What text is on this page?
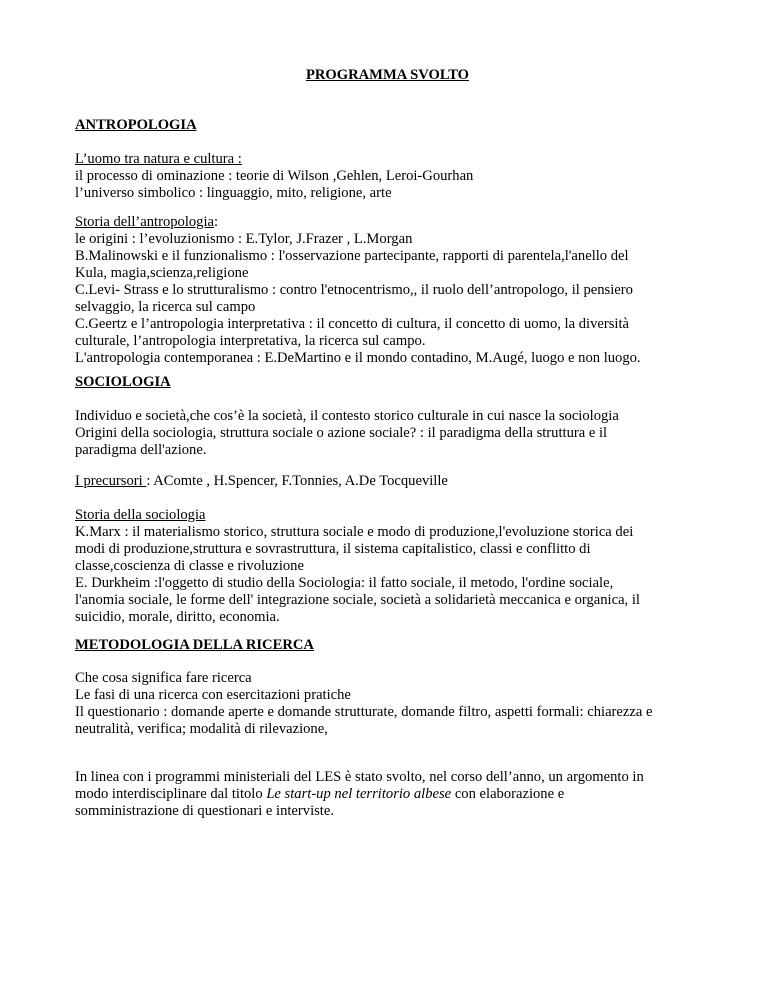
PROGRAMMA SVOLTO
ANTROPOLOGIA
L’uomo tra natura e cultura :
il processo di ominazione : teorie di Wilson ,Gehlen, Leroi-Gourhan
l’universo simbolico : linguaggio, mito, religione, arte
Storia dell’antropologia:
le origini : l’evoluzionismo : E.Tylor, J.Frazer , L.Morgan
B.Malinowski e il funzionalismo : l'osservazione partecipante, rapporti di parentela,l'anello del
Kula, magia,scienza,religione
C.Levi- Strass e lo strutturalismo : contro l'etnocentrismo,, il ruolo dell’antropologo, il pensiero
selvaggio, la ricerca sul campo
C.Geertz e l’antropologia interpretativa : il concetto di cultura, il concetto di uomo, la diversità
culturale, l’antropologia interpretativa, la ricerca sul campo.
L'antropologia contemporanea : E.DeMartino e il mondo contadino, M.Augé, luogo e non luogo.
SOCIOLOGIA
Individuo e società,che cos’è la società, il contesto storico culturale in cui nasce la sociologia
Origini della sociologia, struttura sociale o azione sociale? : il paradigma della struttura e il
paradigma dell'azione.
I precursori : AComte , H.Spencer, F.Tonnies, A.De Tocqueville
Storia della sociologia
K.Marx : il materialismo storico, struttura sociale e modo di produzione,l'evoluzione storica dei
modi di produzione,struttura e sovrastruttura, il sistema capitalistico, classi e conflitto di
classe,coscienza di classe e rivoluzione
E. Durkheim :l'oggetto di studio della Sociologia: il fatto sociale, il metodo, l'ordine sociale,
l'anomia sociale, le forme dell' integrazione sociale, società a solidarietà meccanica e organica, il
suicidio, morale, diritto, economia.
METODOLOGIA DELLA RICERCA
Che cosa significa fare ricerca
Le fasi di una ricerca con esercitazioni pratiche
Il questionario : domande aperte e domande strutturate, domande filtro, aspetti formali: chiarezza e
neutralità, verifica; modalità di rilevazione,
In linea con i programmi ministeriali del LES è stato svolto, nel corso dell’anno, un argomento in
modo interdisciplinare dal titolo Le start-up nel territorio albese con elaborazione e
somministrazione di questionari e interviste.
